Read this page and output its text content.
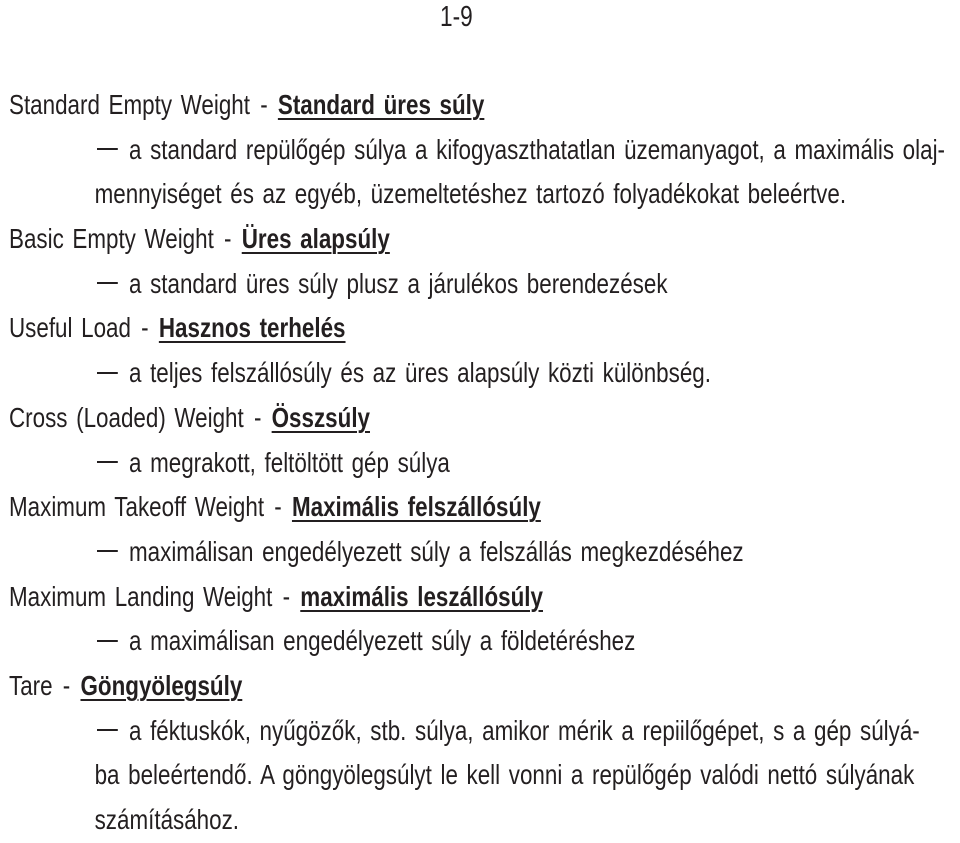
1-9
Standard Empty Weight - Standard üres súly
a standard repülőgép súlya a kifogyaszthatatlan üzemanyagot, a maximális olaj-
mennyiséget és az egyéb, üzemeltetéshez tartozó folyadékokat beleértve.
Basic Empty Weight - Üres alapsúly
a standard üres súly plusz a járulékos berendezések
Useful Load - Hasznos terhelés
a teljes felszállósúly és az üres alapsúly közti különbség.
Cross (Loaded) Weight - Összsúly
a megrakott, feltöltött gép súlya
Maximum Takeoff Weight - Maximális felszállósúly
maximálisan engedélyezett súly a felszállás megkezdéséhez
Maximum Landing Weight - maximális leszállósúly
a maximálisan engedélyezett súly a földetéréshez
Tare - Göngyölegsúly
a féktuskók, nyűgözők, stb. súlya, amikor mérik a repiilőgépet, s a gép súlyá-
ba beleértendő. A göngyölegsúlyt le kell vonni a repülőgép valódi nettó súlyának
számításához.
